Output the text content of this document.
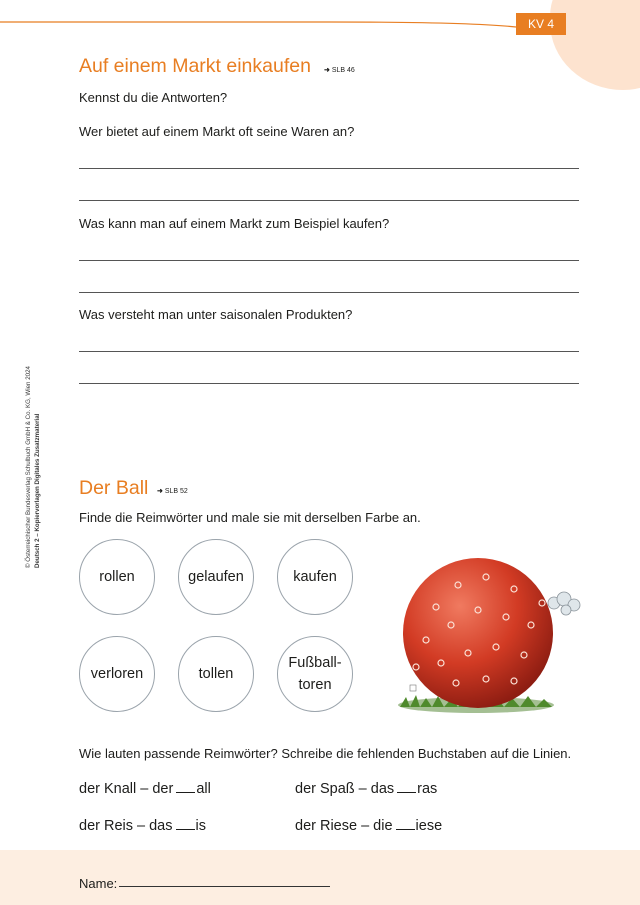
KV 4
© Österreichischer Bundesverlag Schulbuch GmbH & Co. KG, Wien 2024 Deutsch 2 – Kopiervorlagen Digitales Zusatzmaterial
Auf einem Markt einkaufen ➜ SLB 46
Kennst du die Antworten?
Wer bietet auf einem Markt oft seine Waren an?
Was kann man auf einem Markt zum Beispiel kaufen?
Was versteht man unter saisonalen Produkten?
Der Ball ➜ SLB 52
Finde die Reimwörter und male sie mit derselben Farbe an.
rollen	gelaufen	kaufen
verloren	tollen
Fußball-
toren
Wie lauten passende Reimwörter? Schreibe die fehlenden Buchstaben auf die Linien.
der Knall – der all	der Spaß – das ras
der Reis – das is	der Riese – die iese
Name:
